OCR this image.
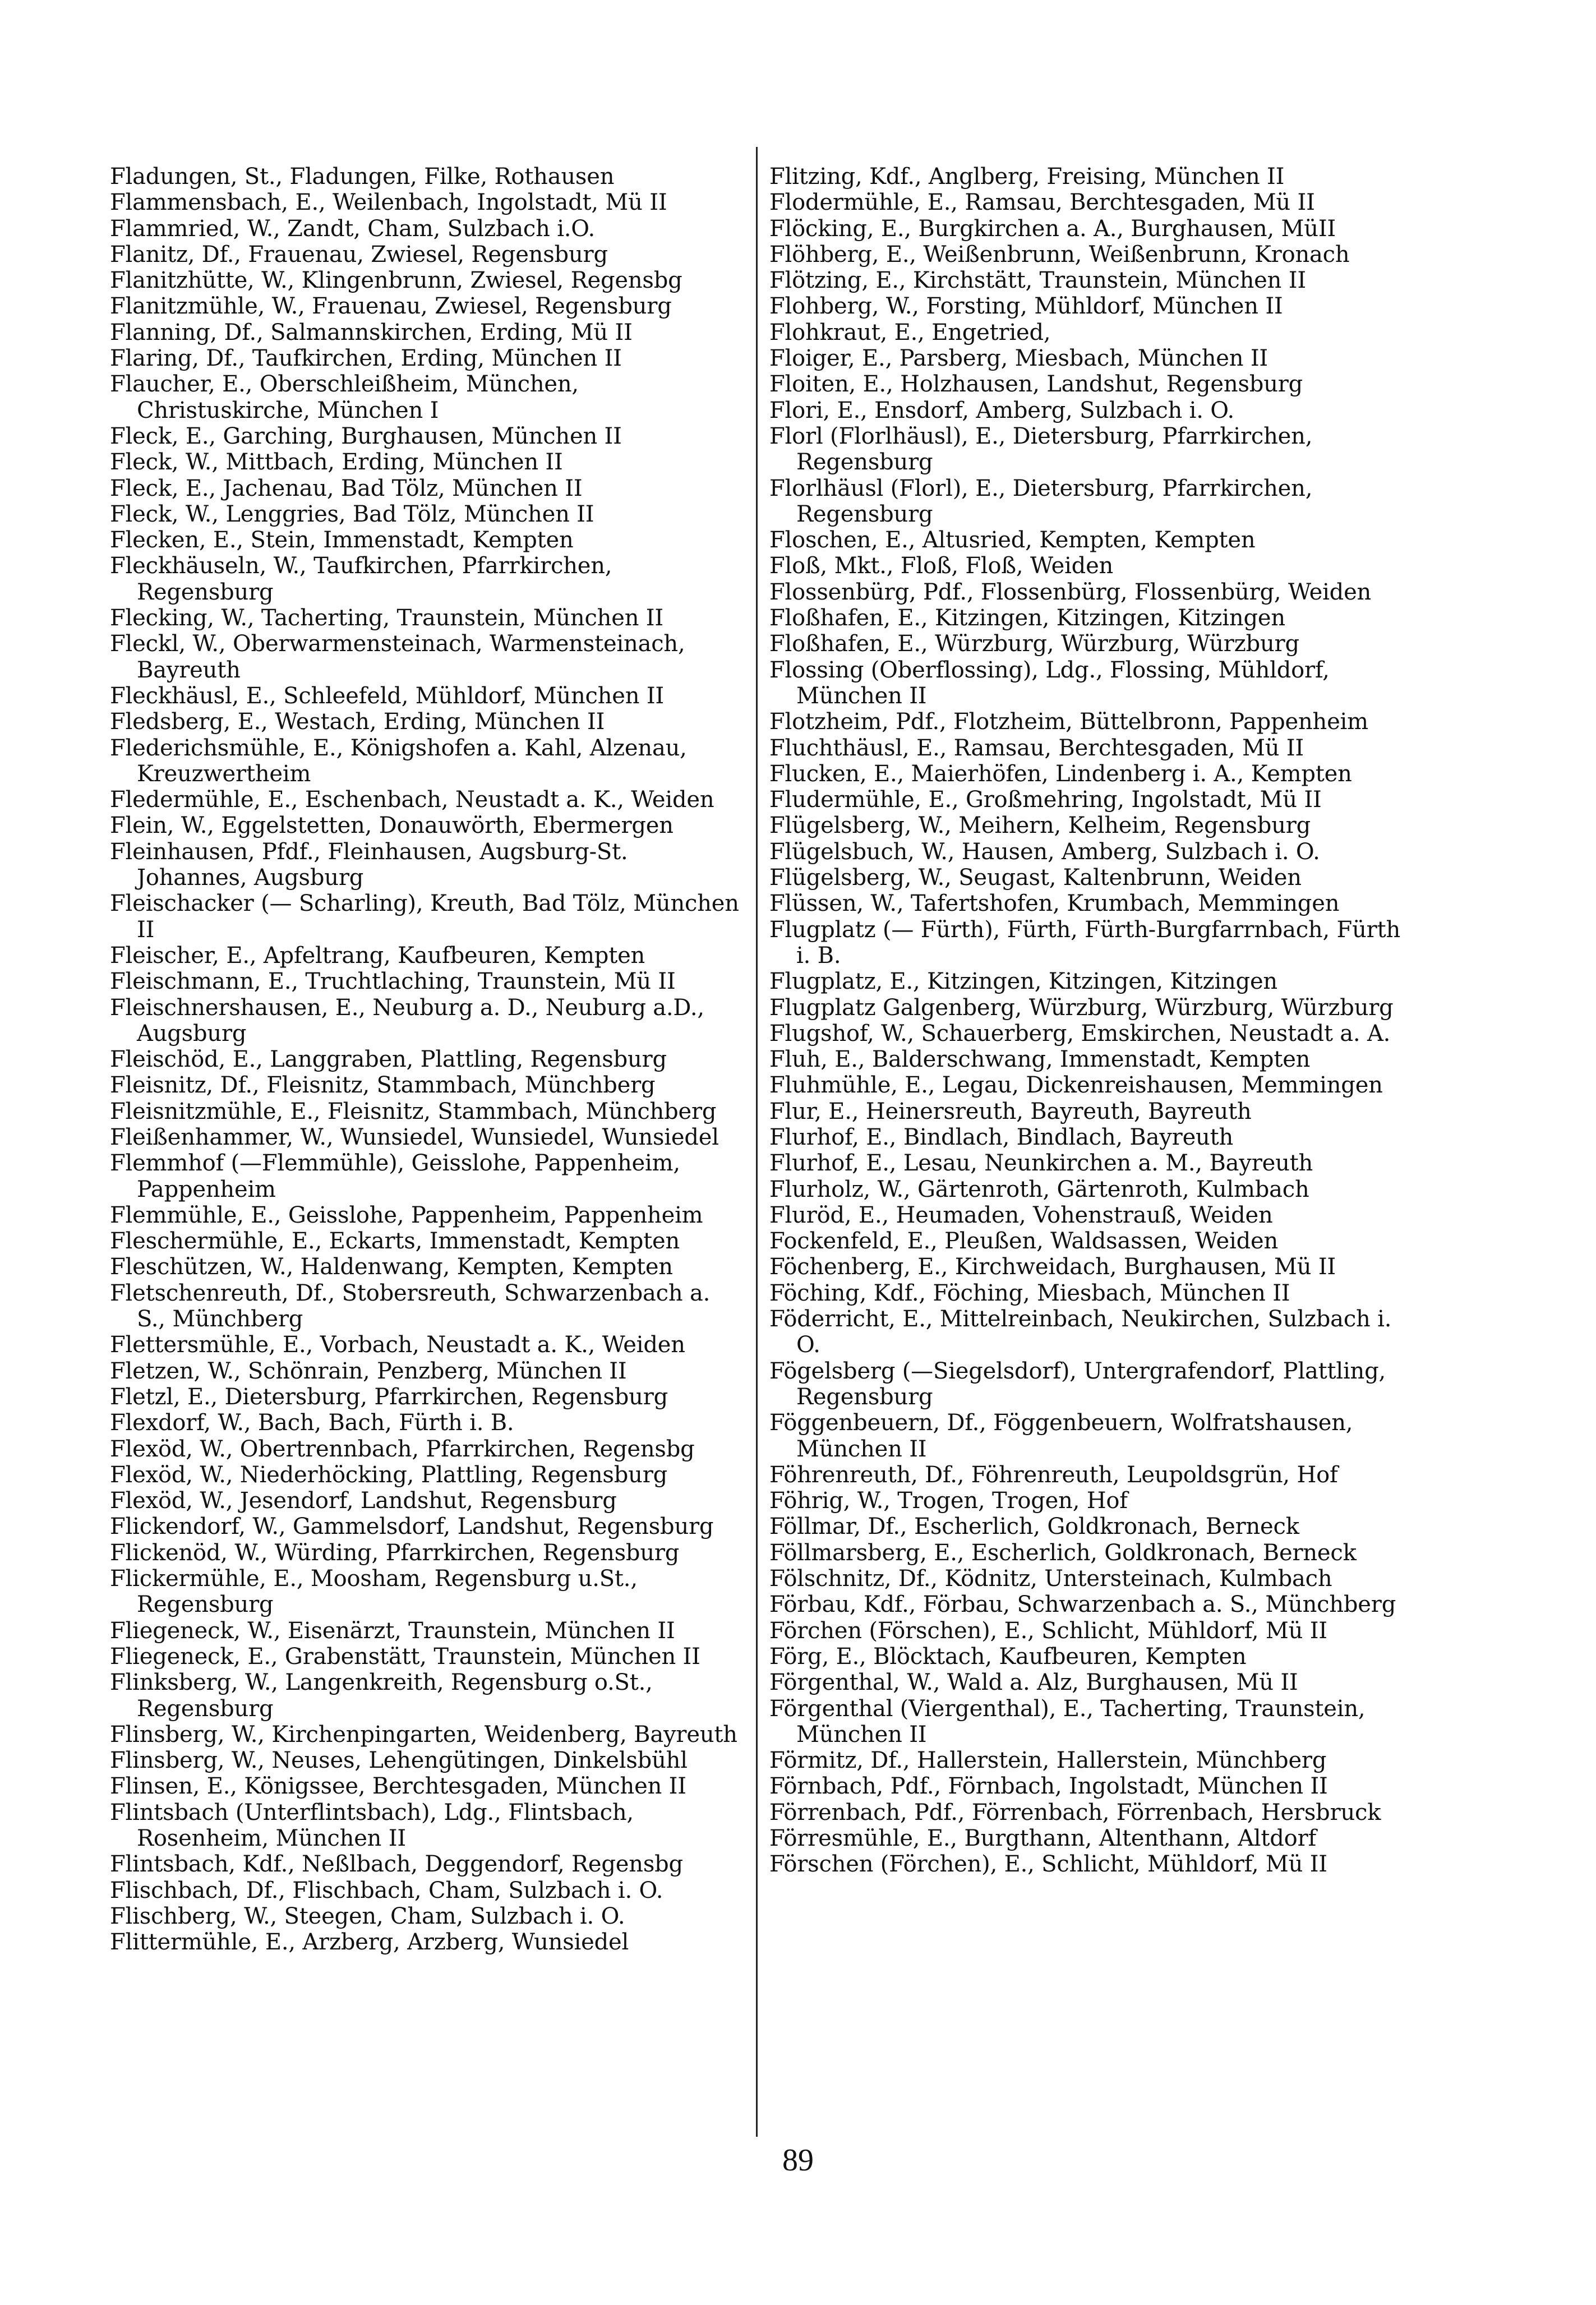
Fladungen, St., Fladungen, Filke, Rothausen

Flammensbach, E., Weilenbach, Ingolstadt, Mü II

Flammried, W., Zandt, Cham, Sulzbach i.O.

Flanitz, Df., Frauenau, Zwiesel, Regensburg

Flanitzhütte, W., Klingenbrunn, Zwiesel, Regensbg

Flanitzmühle, W., Frauenau, Zwiesel, Regensburg

Flanning, Df., Salmannskirchen, Erding, Mü II

Flaring, Df., Taufkirchen, Erding, München II

Flaucher, E., Oberschleißheim, München, Christuskirche, München I

Fleck, E., Garching, Burghausen, München II

Fleck, W., Mittbach, Erding, München II

Fleck, E., Jachenau, Bad Tölz, München II

Fleck, W., Lenggries, Bad Tölz, München II

Flecken, E., Stein, Immenstadt, Kempten

Fleckhäuseln, W., Taufkirchen, Pfarrkirchen, Regensburg

Flecking, W., Tacherting, Traunstein, München II

Fleckl, W., Oberwarmensteinach, Warmensteinach, Bayreuth

Fleckhäusl, E., Schleefeld, Mühldorf, München II

Fledsberg, E., Westach, Erding, München II

Flederichsmühle, E., Königshofen a. Kahl, Alzenau, Kreuzwertheim

Fledermühle, E., Eschenbach, Neustadt a. K., Weiden

Flein, W., Eggelstetten, Donauwörth, Ebermergen

Fleinhausen, Pfdf., Fleinhausen, Augsburg-St. Johannes, Augsburg

Fleischacker (— Scharling), Kreuth, Bad Tölz, München II

Fleischer, E., Apfeltrang, Kaufbeuren, Kempten

Fleischmann, E., Truchtlaching, Traunstein, Mü II

Fleischnershausen, E., Neuburg a. D., Neuburg a.D., Augsburg

Fleischöd, E., Langgraben, Plattling, Regensburg

Fleisnitz, Df., Fleisnitz, Stammbach, Münchberg

Fleisnitzmühle, E., Fleisnitz, Stammbach, Münchberg

Fleißenhammer, W., Wunsiedel, Wunsiedel, Wunsiedel

Flemmhof (—Flemmühle), Geisslohe, Pappenheim, Pappenheim

Flemmühle, E., Geisslohe, Pappenheim, Pappenheim

Fleschermühle, E., Eckarts, Immenstadt, Kempten

Fleschützen, W., Haldenwang, Kempten, Kempten

Fletschenreuth, Df., Stobersreuth, Schwarzenbach a. S., Münchberg

Flettersmühle, E., Vorbach, Neustadt a. K., Weiden

Fletzen, W., Schönrain, Penzberg, München II

Fletzl, E., Dietersburg, Pfarrkirchen, Regensburg

Flexdorf, W., Bach, Bach, Fürth i. B.

Flexöd, W., Obertrennbach, Pfarrkirchen, Regensbg

Flexöd, W., Niederhöcking, Plattling, Regensburg

Flexöd, W., Jesendorf, Landshut, Regensburg

Flickendorf, W., Gammelsdorf, Landshut, Regensburg

Flickenöd, W., Würding, Pfarrkirchen, Regensburg

Flickermühle, E., Moosham, Regensburg u.St., Regensburg

Fliegeneck, W., Eisenärzt, Traunstein, München II

Fliegeneck, E., Grabenstätt, Traunstein, München II

Flinksberg, W., Langenkreith, Regensburg o.St., Regensburg

Flinsberg, W., Kirchenpingarten, Weidenberg, Bayreuth

Flinsberg, W., Neuses, Lehengütingen, Dinkelsbühl

Flinsen, E., Königssee, Berchtesgaden, München II

Flintsbach (Unterflintsbach), Ldg., Flintsbach, Rosenheim, München II

Flintsbach, Kdf., Neßlbach, Deggendorf, Regensbg

Flischbach, Df., Flischbach, Cham, Sulzbach i. O.

Flischberg, W., Steegen, Cham, Sulzbach i. O.

Flittermühle, E., Arzberg, Arzberg, Wunsiedel

Flitzing, Kdf., Anglberg, Freising, München II

Flodermühle, E., Ramsau, Berchtesgaden, Mü II

Flöcking, E., Burgkirchen a. A., Burghausen, MüII

Flöhberg, E., Weißenbrunn, Weißenbrunn, Kronach

Flötzing, E., Kirchstätt, Traunstein, München II

Flohberg, W., Forsting, Mühldorf, München II

Flohkraut, E., Engetried,

Floiger, E., Parsberg, Miesbach, München II

Floiten, E., Holzhausen, Landshut, Regensburg

Flori, E., Ensdorf, Amberg, Sulzbach i. O.

Florl (Florlhäusl), E., Dietersburg, Pfarrkirchen, Regensburg

Florlhäusl (Florl), E., Dietersburg, Pfarrkirchen, Regensburg

Floschen, E., Altusried, Kempten, Kempten

Floß, Mkt., Floß, Floß, Weiden

Flossenbürg, Pdf., Flossenbürg, Flossenbürg, Weiden

Floßhafen, E., Kitzingen, Kitzingen, Kitzingen

Floßhafen, E., Würzburg, Würzburg, Würzburg

Flossing (Oberflossing), Ldg., Flossing, Mühldorf, München II

Flotzheim, Pdf., Flotzheim, Büttelbronn, Pappenheim

Fluchthäusl, E., Ramsau, Berchtesgaden, Mü II

Flucken, E., Maierhöfen, Lindenberg i. A., Kempten

Fludermühle, E., Großmehring, Ingolstadt, Mü II

Flügelsberg, W., Meihern, Kelheim, Regensburg

Flügelsbuch, W., Hausen, Amberg, Sulzbach i. O.

Flügelsberg, W., Seugast, Kaltenbrunn, Weiden

Flüssen, W., Tafertshofen, Krumbach, Memmingen

Flugplatz (— Fürth), Fürth, Fürth-Burgfarrnbach, Fürth i. B.

Flugplatz, E., Kitzingen, Kitzingen, Kitzingen

Flugplatz Galgenberg, Würzburg, Würzburg, Würzburg

Flugshof, W., Schauerberg, Emskirchen, Neustadt a. A.

Fluh, E., Balderschwang, Immenstadt, Kempten

Fluhmühle, E., Legau, Dickenreishausen, Memmingen

Flur, E., Heinersreuth, Bayreuth, Bayreuth

Flurhof, E., Bindlach, Bindlach, Bayreuth

Flurhof, E., Lesau, Neunkirchen a. M., Bayreuth

Flurholz, W., Gärtenroth, Gärtenroth, Kulmbach

Fluröd, E., Heumaden, Vohenstrauß, Weiden

Fockenfeld, E., Pleußen, Waldsassen, Weiden

Föchenberg, E., Kirchweidach, Burghausen, Mü II

Föching, Kdf., Föching, Miesbach, München II

Föderricht, E., Mittelreinbach, Neukirchen, Sulzbach i. O.

Fögelsberg (—Siegelsdorf), Untergrafendorf, Plattling, Regensburg

Föggenbeuern, Df., Föggenbeuern, Wolfratshausen, München II

Föhrenreuth, Df., Föhrenreuth, Leupoldsgrün, Hof

Föhrig, W., Trogen, Trogen, Hof

Föllmar, Df., Escherlich, Goldkronach, Berneck

Föllmarsberg, E., Escherlich, Goldkronach, Berneck

Fölschnitz, Df., Ködnitz, Untersteinach, Kulmbach

Förbau, Kdf., Förbau, Schwarzenbach a. S., Münchberg

Förchen (Förschen), E., Schlicht, Mühldorf, Mü II

Förg, E., Blöcktach, Kaufbeuren, Kempten

Förgenthal, W., Wald a. Alz, Burghausen, Mü II

Förgenthal (Viergenthal), E., Tacherting, Traunstein, München II

Förmitz, Df., Hallerstein, Hallerstein, Münchberg

Förnbach, Pdf., Förnbach, Ingolstadt, München II

Förrenbach, Pdf., Förrenbach, Förrenbach, Hersbruck

Förresmühle, E., Burgthann, Altenthann, Altdorf

Förschen (Förchen), E., Schlicht, Mühldorf, Mü II

89
